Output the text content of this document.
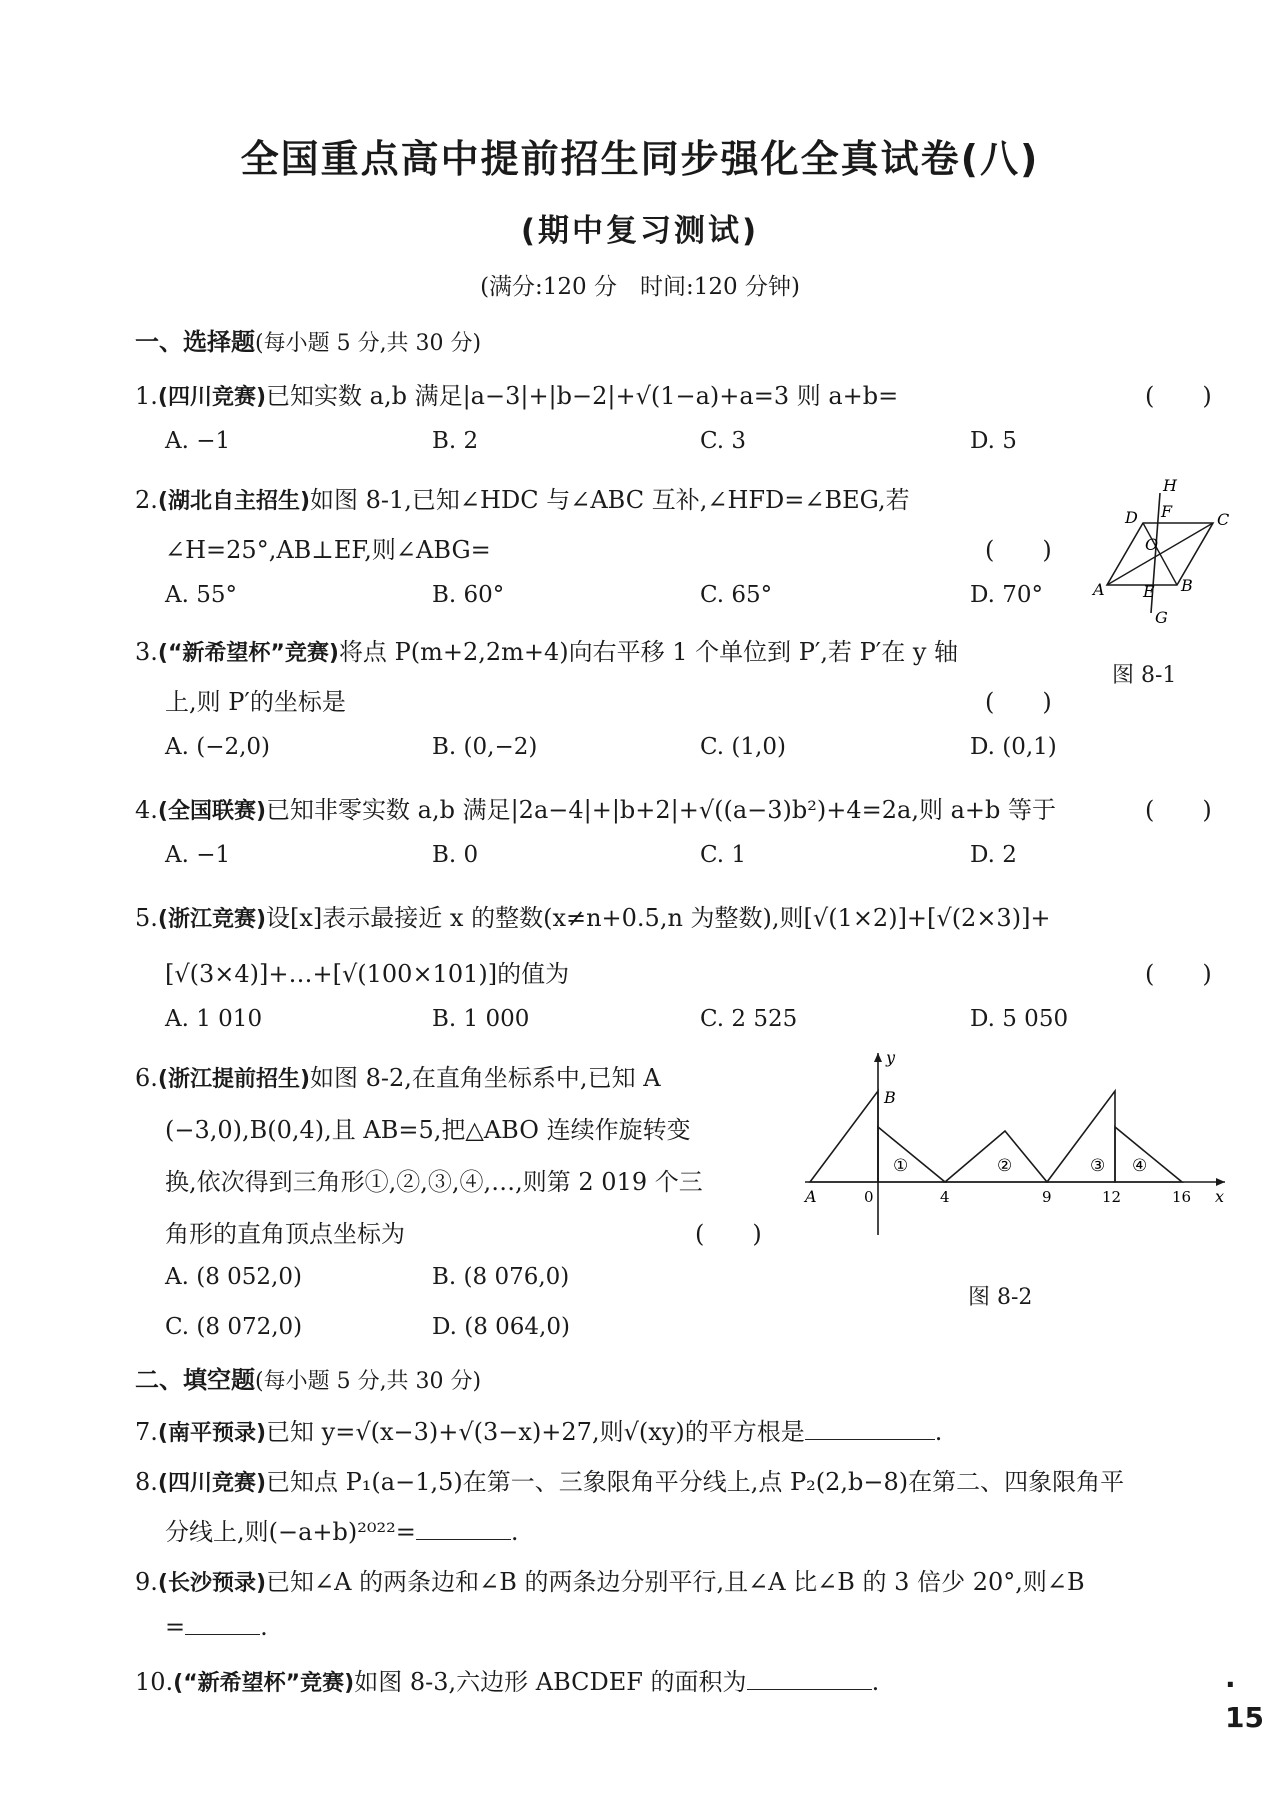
全国重点高中提前招生同步强化全真试卷(八)
(期中复习测试)
(满分:120 分　时间:120 分钟)
一、选择题(每小题 5 分,共 30 分)
1.(四川竞赛)已知实数 a,b 满足|a−3|+|b−2|+√(1−a)+a=3 则 a+b=	(　　)
A. −1	B. 2	C. 3	D. 5
2.(湖北自主招生)如图 8-1,已知∠HDC 与∠ABC 互补,∠HFD=∠BEG,若
∠H=25°,AB⊥EF,则∠ABG=	(　　)
A. 55°	B. 60°	C. 65°	D. 70°
H
D F	C
O
A E B
G
图 8-1
3.(“新希望杯”竞赛)将点 P(m+2,2m+4)向右平移 1 个单位到 P′,若 P′在 y 轴
上,则 P′的坐标是	(　　)
A. (−2,0)	B. (0,−2)	C. (1,0)	D. (0,1)
4.(全国联赛)已知非零实数 a,b 满足|2a−4|+|b+2|+√((a−3)b²)+4=2a,则 a+b 等于	(　　)
A. −1	B. 0	C. 1	D. 2
5.(浙江竞赛)设[x]表示最接近 x 的整数(x≠n+0.5,n 为整数),则[√(1×2)]+[√(2×3)]+
[√(3×4)]+…+[√(100×101)]的值为	(　　)
A. 1 010	B. 1 000	C. 2 525	D. 5 050
6.(浙江提前招生)如图 8-2,在直角坐标系中,已知 A
(−3,0),B(0,4),且 AB=5,把△ABO 连续作旋转变
换,依次得到三角形①,②,③,④,…,则第 2 019 个三
角形的直角顶点坐标为	(　　)
A. (8 052,0)	B. (8 076,0)
C. (8 072,0)	D. (8 064,0)
y
x
B
A	0	4	9	12	16
①	②	③ ④
图 8-2
二、填空题(每小题 5 分,共 30 分)
7.(南平预录)已知 y=√(x−3)+√(3−x)+27,则√(xy)的平方根是	.
8.(四川竞赛)已知点 P₁(a−1,5)在第一、三象限角平分线上,点 P₂(2,b−8)在第二、四象限角平
分线上,则(−a+b)²⁰²²=	.
9.(长沙预录)已知∠A 的两条边和∠B 的两条边分别平行,且∠A 比∠B 的 3 倍少 20°,则∠B
=	.
10.(“新希望杯”竞赛)如图 8-3,六边形 ABCDEF 的面积为	.	· 15
